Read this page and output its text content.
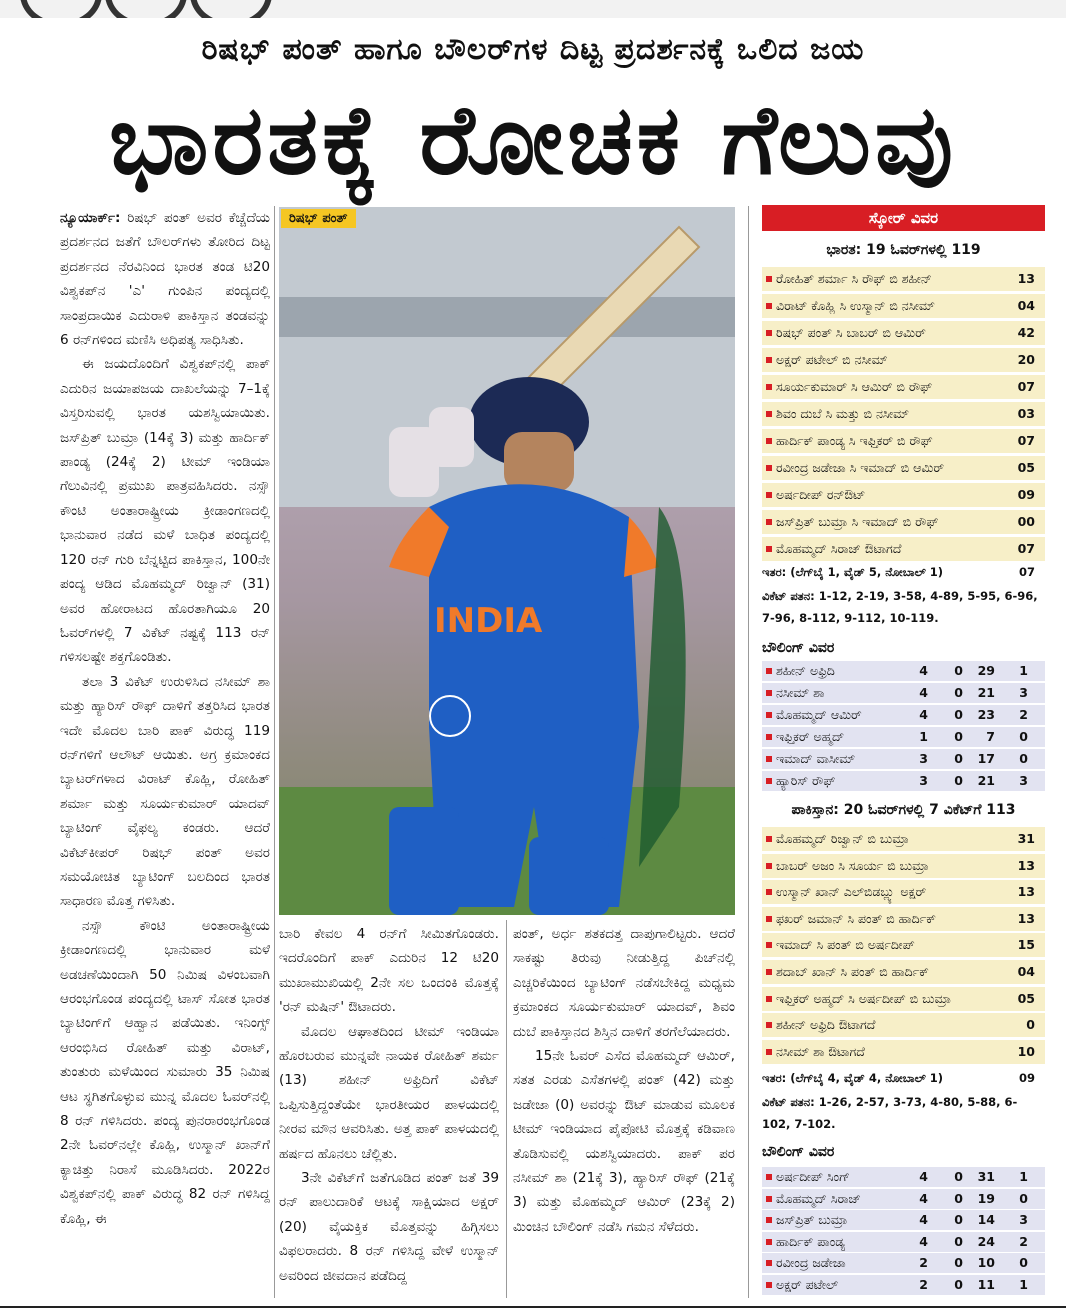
ರಿಷಭ್ ಪಂತ್ ಹಾಗೂ ಬೌಲರ್‌ಗಳ ದಿಟ್ಟ ಪ್ರದರ್ಶನಕ್ಕೆ ಒಲಿದ ಜಯ
ಭಾರತಕ್ಕೆ ರೋಚಕ ಗೆಲುವು

ನ್ಯೂಯಾರ್ಕ್: ರಿಷಭ್ ಪಂತ್ ಅವರ ಕೆಚ್ಚೆದೆಯ ಪ್ರದರ್ಶನದ ಜತೆಗೆ ಬೌಲರ್‌ಗಳು ತೋರಿದ ದಿಟ್ಟ ಪ್ರದರ್ಶನದ ನೆರವಿನಿಂದ ಭಾರತ ತಂಡ ಟಿ20 ವಿಶ್ವಕಪ್‌ನ 'ಎ' ಗುಂಪಿನ ಪಂದ್ಯದಲ್ಲಿ ಸಾಂಪ್ರದಾಯಿಕ ಎದುರಾಳಿ ಪಾಕಿಸ್ತಾನ ತಂಡವನ್ನು 6 ರನ್‌ಗಳಿಂದ ಮಣಿಸಿ ಅಧಿಪತ್ಯ ಸಾಧಿಸಿತು.

ಈ ಜಯದೊಂದಿಗೆ ವಿಶ್ವಕಪ್‌ನಲ್ಲಿ ಪಾಕ್ ಎದುರಿನ ಜಯಾಪಜಯ ದಾಖಲೆಯನ್ನು 7–1ಕ್ಕೆ ವಿಸ್ತರಿಸುವಲ್ಲಿ ಭಾರತ ಯಶಸ್ವಿಯಾಯಿತು. ಜಸ್‌ಪ್ರಿತ್ ಬುಮ್ರಾ (14ಕ್ಕೆ 3) ಮತ್ತು ಹಾರ್ದಿಕ್ ಪಾಂಡ್ಯ (24ಕ್ಕೆ 2) ಟೀಮ್ ಇಂಡಿಯಾ ಗೆಲುವಿನಲ್ಲಿ ಪ್ರಮುಖ ಪಾತ್ರವಹಿಸಿದರು. ನಸ್ಸೌ ಕೌಂಟಿ ಅಂತಾರಾಷ್ಟ್ರೀಯ ಕ್ರೀಡಾಂಗಣದಲ್ಲಿ ಭಾನುವಾರ ನಡೆದ ಮಳೆ ಬಾಧಿತ ಪಂದ್ಯದಲ್ಲಿ 120 ರನ್ ಗುರಿ ಬೆನ್ನಟ್ಟಿದ ಪಾಕಿಸ್ತಾನ, 100ನೇ ಪಂದ್ಯ ಆಡಿದ ಮೊಹಮ್ಮದ್ ರಿಜ್ವಾನ್ (31) ಅವರ ಹೋರಾಟದ ಹೊರತಾಗಿಯೂ 20 ಓವರ್‌ಗಳಲ್ಲಿ 7 ವಿಕೆಟ್ ನಷ್ಟಕ್ಕೆ 113 ರನ್ ಗಳಿಸಲಷ್ಟೇ ಶಕ್ತಗೊಂಡಿತು.

ತಲಾ 3 ವಿಕೆಟ್ ಉರುಳಿಸಿದ ನಸೀಮ್ ಶಾ ಮತ್ತು ಹ್ಯಾರಿಸ್ ರೌಫ್ ದಾಳಿಗೆ ತತ್ತರಿಸಿದ ಭಾರತ ಇದೇ ಮೊದಲ ಬಾರಿ ಪಾಕ್ ವಿರುದ್ಧ 119 ರನ್‌ಗಳಿಗೆ ಆಲೌಟ್ ಆಯಿತು. ಅಗ್ರ ಕ್ರಮಾಂಕದ ಬ್ಯಾಟರ್‌ಗಳಾದ ವಿರಾಟ್ ಕೊಹ್ಲಿ, ರೋಹಿತ್ ಶರ್ಮಾ ಮತ್ತು ಸೂರ್ಯಕುಮಾರ್ ಯಾದವ್ ಬ್ಯಾಟಿಂಗ್ ವೈಫಲ್ಯ ಕಂಡರು. ಆದರೆ ವಿಕೆಟ್‌ಕೀಪರ್ ರಿಷಭ್ ಪಂತ್ ಅವರ ಸಮಯೋಚಿತ ಬ್ಯಾಟಿಂಗ್ ಬಲದಿಂದ ಭಾರತ ಸಾಧಾರಣ ಮೊತ್ತ ಗಳಿಸಿತು.

ನಸ್ಸೌ ಕೌಂಟಿ ಅಂತಾರಾಷ್ಟ್ರೀಯ ಕ್ರೀಡಾಂಗಣದಲ್ಲಿ ಭಾನುವಾರ ಮಳೆ ಅಡಚಣೆಯಿಂದಾಗಿ 50 ನಿಮಿಷ ವಿಳಂಬವಾಗಿ ಆರಂಭಗೊಂಡ ಪಂದ್ಯದಲ್ಲಿ ಟಾಸ್ ಸೋತ ಭಾರತ ಬ್ಯಾಟಿಂಗ್‌ಗೆ ಆಹ್ವಾನ ಪಡೆಯಿತು. ಇನಿಂಗ್ಸ್ ಆರಂಭಿಸಿದ ರೋಹಿತ್ ಮತ್ತು ವಿರಾಟ್, ತುಂತುರು ಮಳೆಯಿಂದ ಸುಮಾರು 35 ನಿಮಿಷ ಆಟ ಸ್ಥಗಿತಗೊಳ್ಳುವ ಮುನ್ನ ಮೊದಲ ಓವರ್‌ನಲ್ಲಿ 8 ರನ್ ಗಳಿಸಿದರು. ಪಂದ್ಯ ಪುನರಾರಂಭಗೊಂಡ 2ನೇ ಓವರ್‌ನಲ್ಲೇ ಕೊಹ್ಲಿ, ಉಸ್ಮಾನ್ ಖಾನ್‌ಗೆ ಕ್ಯಾಚಿತ್ತು ನಿರಾಸೆ ಮೂಡಿಸಿದರು. 2022ರ ವಿಶ್ವಕಪ್‌ನಲ್ಲಿ ಪಾಕ್ ವಿರುದ್ಧ 82 ರನ್ ಗಳಿಸಿದ್ದ ಕೊಹ್ಲಿ, ಈ

INDIA
ರಿಷಭ್ ಪಂತ್

ಬಾರಿ ಕೇವಲ 4 ರನ್‌ಗೆ ಸೀಮಿತಗೊಂಡರು. ಇದರೊಂದಿಗೆ ಪಾಕ್ ಎದುರಿನ 12 ಟಿ20 ಮುಖಾಮುಖಿಯಲ್ಲಿ 2ನೇ ಸಲ ಒಂದಂಕಿ ಮೊತ್ತಕ್ಕೆ 'ರನ್ ಮಷಿನ್' ಔಟಾದರು.

ಮೊದಲ ಆಘಾತದಿಂದ ಟೀಮ್ ಇಂಡಿಯಾ ಹೊರಬರುವ ಮುನ್ನವೇ ನಾಯಕ ರೋಹಿತ್ ಶರ್ಮ (13) ಶಹೀನ್ ಅಫ್ರಿದಿಗೆ ವಿಕೆಟ್ ಒಪ್ಪಿಸುತ್ತಿದ್ದಂತೆಯೇ ಭಾರತೀಯರ ಪಾಳಯದಲ್ಲಿ ನೀರವ ಮೌನ ಆವರಿಸಿತು. ಅತ್ತ ಪಾಕ್ ಪಾಳಯದಲ್ಲಿ ಹರ್ಷದ ಹೊನಲು ಚೆಲ್ಲಿತು.

3ನೇ ವಿಕೆಟ್‌ಗೆ ಜತೆಗೂಡಿದ ಪಂತ್ ಜತೆ 39 ರನ್ ಪಾಲುದಾರಿಕೆ ಆಟಕ್ಕೆ ಸಾಕ್ಷಿಯಾದ ಅಕ್ಷರ್ (20) ವೈಯಕ್ತಿಕ ಮೊತ್ತವನ್ನು ಹಿಗ್ಗಿಸಲು ವಿಫಲರಾದರು. 8 ರನ್ ಗಳಿಸಿದ್ದ ವೇಳೆ ಉಸ್ಮಾನ್ ಅವರಿಂದ ಜೀವದಾನ ಪಡೆದಿದ್ದ

ಪಂತ್, ಅರ್ಧ ಶತಕದತ್ತ ದಾಪುಗಾಲಿಟ್ಟರು. ಆದರೆ ಸಾಕಷ್ಟು ತಿರುವು ನೀಡುತ್ತಿದ್ದ ಪಿಚ್‌ನಲ್ಲಿ ಎಚ್ಚರಿಕೆಯಿಂದ ಬ್ಯಾಟಿಂಗ್ ನಡೆಸಬೇಕಿದ್ದ ಮಧ್ಯಮ ಕ್ರಮಾಂಕದ ಸೂರ್ಯಕುಮಾರ್ ಯಾದವ್, ಶಿವಂ ದುಬೆ ಪಾಕಿಸ್ತಾನದ ಶಿಸ್ತಿನ ದಾಳಿಗೆ ತರಗೆಲೆಯಾದರು.

15ನೇ ಓವರ್ ಎಸೆದ ಮೊಹಮ್ಮದ್ ಆಮಿರ್, ಸತತ ಎರಡು ಎಸೆತಗಳಲ್ಲಿ ಪಂತ್ (42) ಮತ್ತು ಜಡೇಜಾ (0) ಅವರನ್ನು ಔಟ್ ಮಾಡುವ ಮೂಲಕ ಟೀಮ್ ಇಂಡಿಯಾದ ಪೈಪೋಟಿ ಮೊತ್ತಕ್ಕೆ ಕಡಿವಾಣ ತೊಡಿಸುವಲ್ಲಿ ಯಶಸ್ವಿಯಾದರು. ಪಾಕ್ ಪರ ನಸೀಮ್ ಶಾ (21ಕ್ಕೆ 3), ಹ್ಯಾರಿಸ್ ರೌಫ್ (21ಕ್ಕೆ 3) ಮತ್ತು ಮೊಹಮ್ಮದ್ ಆಮಿರ್ (23ಕ್ಕೆ 2) ಮಿಂಚಿನ ಬೌಲಿಂಗ್ ನಡೆಸಿ ಗಮನ ಸೆಳೆದರು.

ಸ್ಕೋರ್ ವಿವರ
ಭಾರತ: 19 ಓವರ್‌ಗಳಲ್ಲಿ 119
ರೋಹಿತ್ ಶರ್ಮಾ ಸಿ ರೌಫ್ ಬಿ ಶಹೀನ್	13
ವಿರಾಟ್ ಕೊಹ್ಲಿ ಸಿ ಉಸ್ಮಾನ್ ಬಿ ನಸೀಮ್	04
ರಿಷಭ್ ಪಂತ್ ಸಿ ಬಾಬರ್ ಬಿ ಆಮಿರ್	42
ಅಕ್ಷರ್ ಪಟೇಲ್ ಬಿ ನಸೀಮ್	20
ಸೂರ್ಯಕುಮಾರ್ ಸಿ ಆಮಿರ್ ಬಿ ರೌಫ್	07
ಶಿವಂ ದುಬೆ ಸಿ ಮತ್ತು ಬಿ ನಸೀಮ್	03
ಹಾರ್ದಿಕ್ ಪಾಂಡ್ಯ ಸಿ ಇಫ್ತಿಕರ್ ಬಿ ರೌಫ್	07
ರವೀಂದ್ರ ಜಡೇಜಾ ಸಿ ಇಮಾದ್ ಬಿ ಆಮಿರ್	05
ಅರ್ಷದೀಪ್ ರನ್‌ಔಟ್	09
ಜಸ್‌ಪ್ರಿತ್ ಬುಮ್ರಾ ಸಿ ಇಮಾದ್ ಬಿ ರೌಫ್	00
ಮೊಹಮ್ಮದ್ ಸಿರಾಜ್ ಔಟಾಗದೆ	07
ಇತರ: (ಲೆಗ್‌ಬೈ 1, ವೈಡ್ 5, ನೋಬಾಲ್ 1)	07
ವಿಕೆಟ್ ಪತನ: 1-12, 2-19, 3-58, 4-89, 5-95, 6-96, 7-96, 8-112, 9-112, 10-119.
ಬೌಲಿಂಗ್ ವಿವರ
ಶಹೀನ್ ಅಫ್ರಿದಿ	4	0	29	1
ನಸೀಮ್ ಶಾ	4	0	21	3
ಮೊಹಮ್ಮದ್ ಆಮಿರ್	4	0	23	2
ಇಫ್ತಿಕರ್ ಅಹ್ಮದ್	1	0	7	0
ಇಮಾದ್ ವಾಸೀಮ್	3	0	17	0
ಹ್ಯಾರಿಸ್ ರೌಫ್	3	0	21	3
ಪಾಕಿಸ್ತಾನ: 20 ಓವರ್‌ಗಳಲ್ಲಿ 7 ವಿಕೆಟ್‌ಗೆ 113
ಮೊಹಮ್ಮದ್ ರಿಜ್ವಾನ್ ಬಿ ಬುಮ್ರಾ	31
ಬಾಬರ್ ಅಜಂ ಸಿ ಸೂರ್ಯ ಬಿ ಬುಮ್ರಾ	13
ಉಸ್ಮಾನ್ ಖಾನ್ ಎಲ್‌ಬಿಡಬ್ಲ್ಯು ಅಕ್ಷರ್	13
ಫಖರ್ ಜಮಾನ್ ಸಿ ಪಂತ್ ಬಿ ಹಾರ್ದಿಕ್	13
ಇಮಾದ್ ಸಿ ಪಂತ್ ಬಿ ಅರ್ಷದೀಪ್	15
ಶದಾಬ್ ಖಾನ್ ಸಿ ಪಂತ್ ಬಿ ಹಾರ್ದಿಕ್	04
ಇಫ್ತಿಕರ್ ಅಹ್ಮದ್ ಸಿ ಅರ್ಷದೀಪ್ ಬಿ ಬುಮ್ರಾ	05
ಶಹೀನ್ ಅಫ್ರಿದಿ ಔಟಾಗದೆ	0
ನಸೀಮ್ ಶಾ ಔಟಾಗದೆ	10
ಇತರ: (ಲೆಗ್‌ಬೈ 4, ವೈಡ್ 4, ನೋಬಾಲ್ 1)	09
ವಿಕೆಟ್ ಪತನ: 1-26, 2-57, 3-73, 4-80, 5-88, 6-102, 7-102.
ಬೌಲಿಂಗ್ ವಿವರ
ಅರ್ಷದೀಪ್ ಸಿಂಗ್	4	0	31	1
ಮೊಹಮ್ಮದ್ ಸಿರಾಜ್	4	0	19	0
ಜಸ್‌ಪ್ರಿತ್ ಬುಮ್ರಾ	4	0	14	3
ಹಾರ್ದಿಕ್ ಪಾಂಡ್ಯ	4	0	24	2
ರವೀಂದ್ರ ಜಡೇಜಾ	2	0	10	0
ಅಕ್ಷರ್ ಪಟೇಲ್	2	0	11	1
